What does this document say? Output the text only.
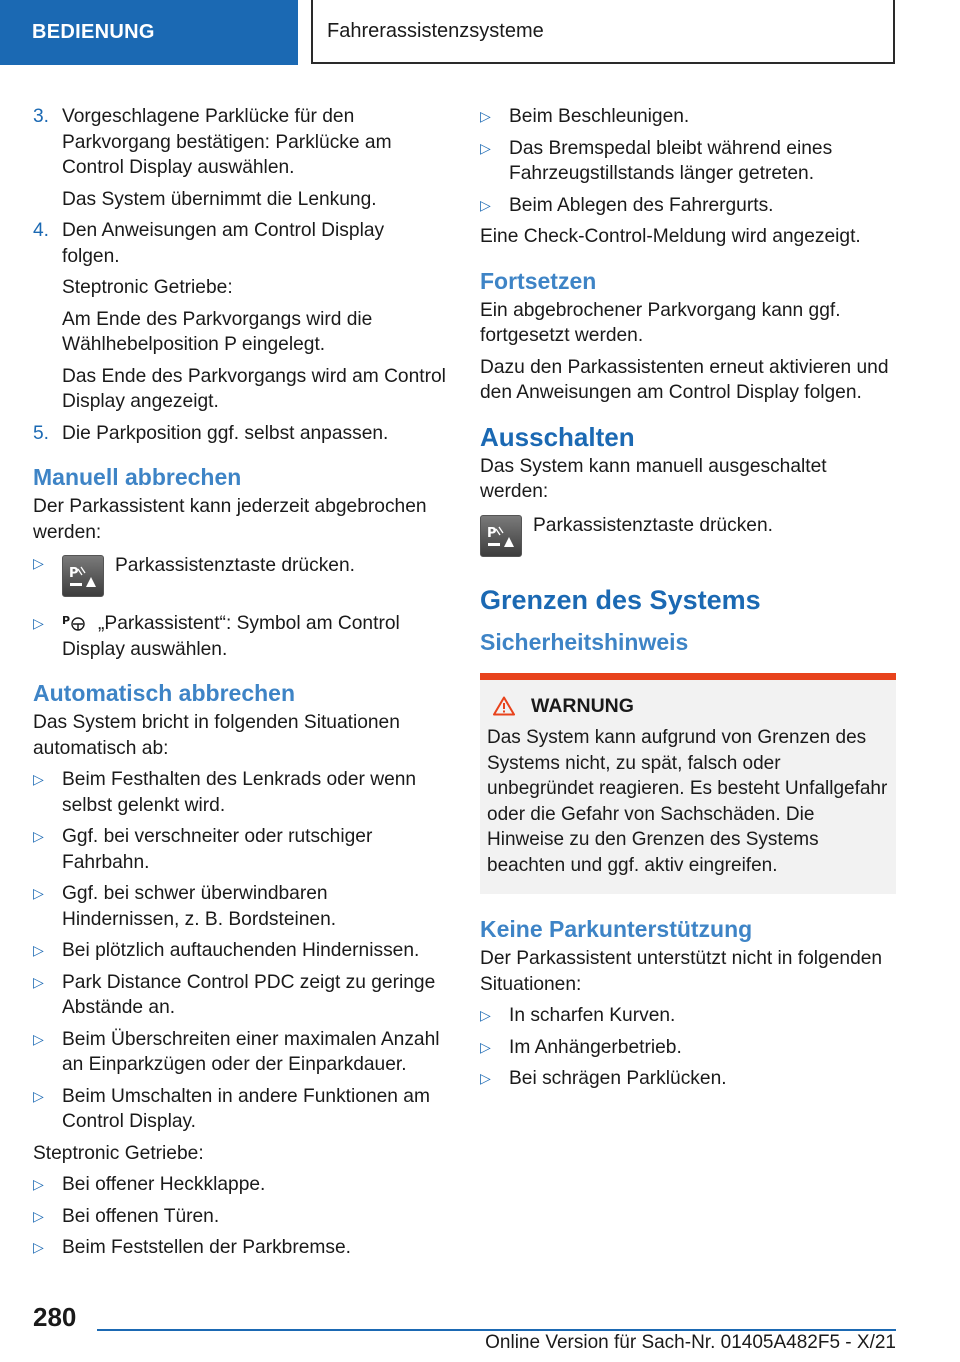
BEDIENUNG	Fahrerassistenzsysteme
3. Vorgeschlagene Parklücke für den Parkvorgang bestätigen: Parklücke am Control Display auswählen.

Das System übernimmt die Lenkung.

4. Den Anweisungen am Control Display folgen.

Steptronic Getriebe:

Am Ende des Parkvorgangs wird die Wählhebelposition P eingelegt.

Das Ende des Parkvorgangs wird am Control Display angezeigt.

5. Die Parkposition ggf. selbst anpassen.
Manuell abbrechen

Der Parkassistent kann jederzeit abgebrochen werden:

▷
P Parkassistenztaste drücken.
▷	P „Parkassistent“: Symbol am Control Display auswählen.
Automatisch abbrechen

Das System bricht in folgenden Situationen automatisch ab:

▷ Beim Festhalten des Lenkrads oder wenn selbst gelenkt wird.
▷ Ggf. bei verschneiter oder rutschiger Fahrbahn.
▷ Ggf. bei schwer überwindbaren Hindernissen, z. B. Bordsteinen.
▷ Bei plötzlich auftauchenden Hindernissen.
▷ Park Distance Control PDC zeigt zu geringe Abstände an.
▷ Beim Überschreiten einer maximalen Anzahl an Einparkzügen oder der Einparkdauer.
▷ Beim Umschalten in andere Funktionen am Control Display.

Steptronic Getriebe:

▷ Bei offener Heckklappe.
▷ Bei offenen Türen.
▷ Beim Feststellen der Parkbremse.
▷ Beim Beschleunigen.
▷ Das Bremspedal bleibt während eines Fahrzeugstillstands länger getreten.
▷ Beim Ablegen des Fahrergurts.

Eine Check-Control-Meldung wird angezeigt.

Fortsetzen

Ein abgebrochener Parkvorgang kann ggf. fortgesetzt werden.

Dazu den Parkassistenten erneut aktivieren und den Anweisungen am Control Display folgen.

Ausschalten

Das System kann manuell ausgeschaltet werden:

P Parkassistenztaste drücken.
Grenzen des Systems
Sicherheitshinweis
WARNUNG
Das System kann aufgrund von Grenzen des Systems nicht, zu spät, falsch oder unbegründet reagieren. Es besteht Unfallgefahr oder die Gefahr von Sachschäden. Die Hinweise zu den Grenzen des Systems beachten und ggf. aktiv eingreifen.
Keine Parkunterstützung

Der Parkassistent unterstützt nicht in folgenden Situationen:

▷ In scharfen Kurven.
▷ Im Anhängerbetrieb.
▷ Bei schrägen Parklücken.
280
Online Version für Sach-Nr. 01405A482F5 - X/21
